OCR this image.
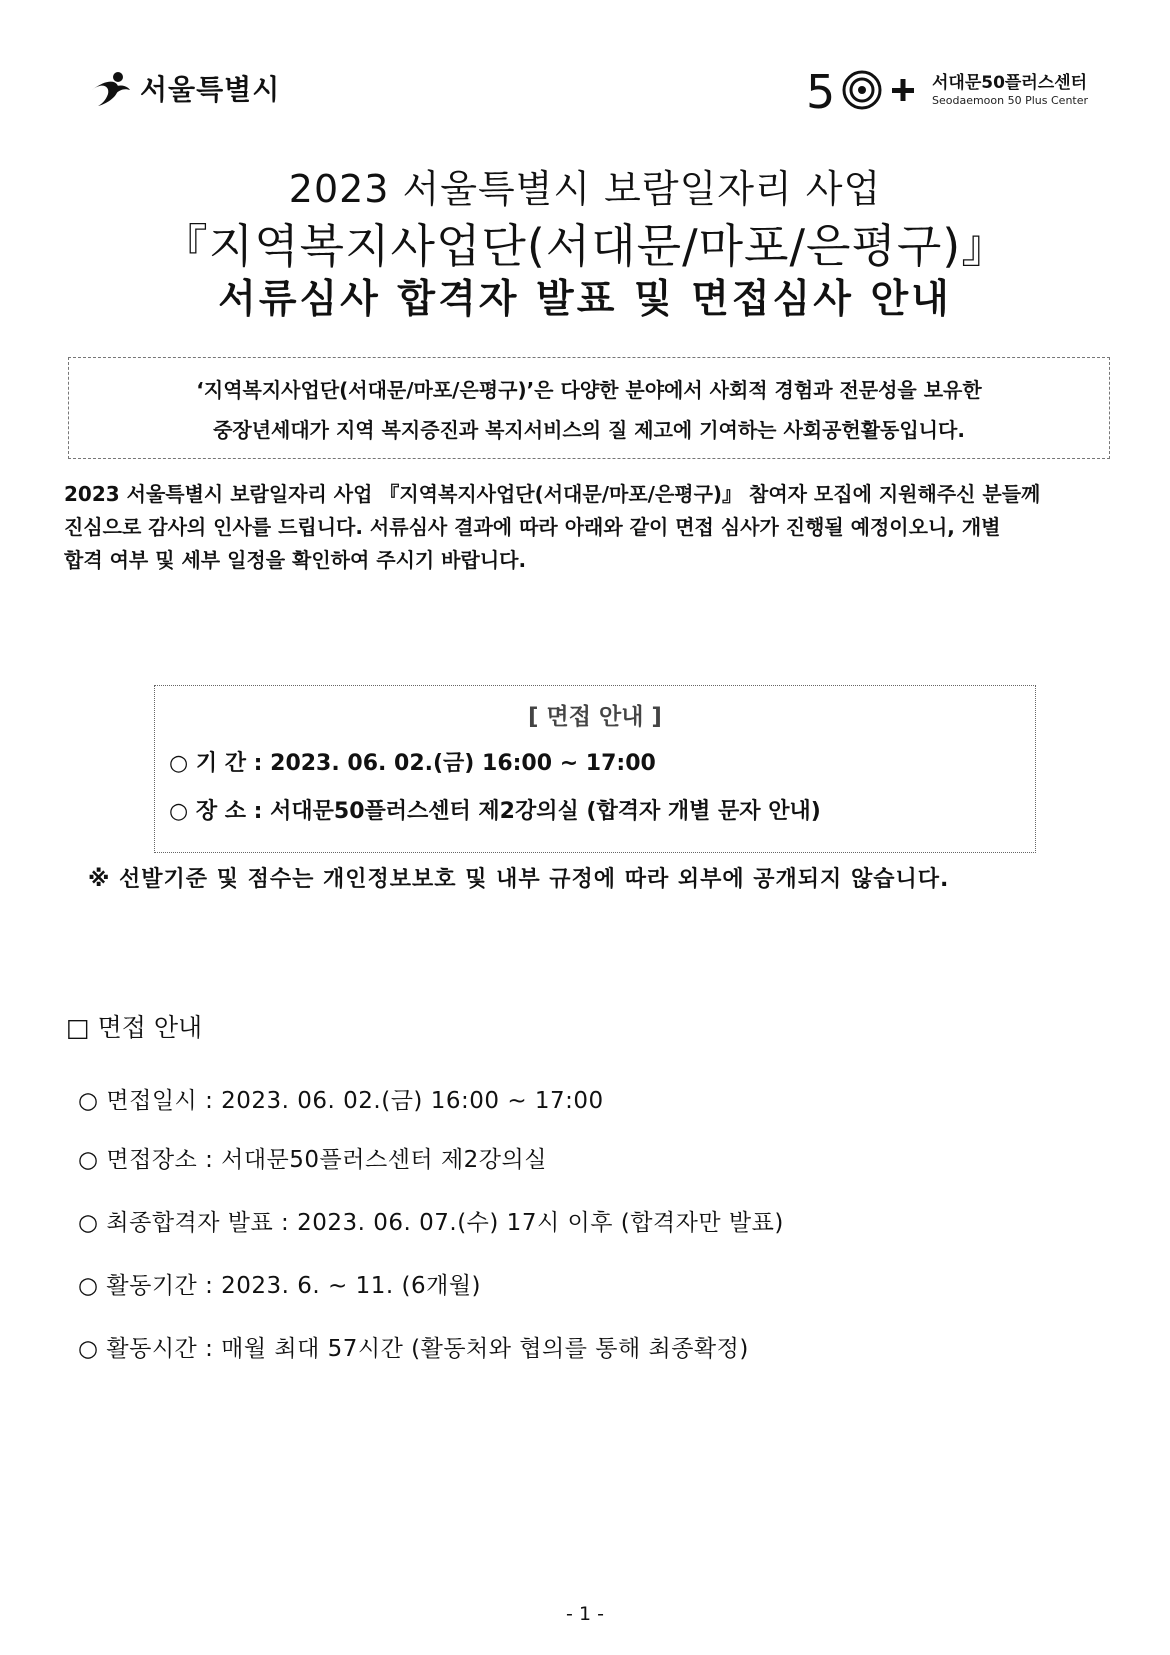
서울특별시	5	서대문50플러스센터
Seodaemoon 50 Plus Center
2023 서울특별시 보람일자리 사업
『지역복지사업단(서대문/마포/은평구)』
서류심사 합격자 발표 및 면접심사 안내
‘지역복지사업단(서대문/마포/은평구)’은 다양한 분야에서 사회적 경험과 전문성을 보유한
중장년세대가 지역 복지증진과 복지서비스의 질 제고에 기여하는 사회공헌활동입니다.
2023 서울특별시 보람일자리 사업 『지역복지사업단(서대문/마포/은평구)』 참여자 모집에 지원해주신 분들께
진심으로 감사의 인사를 드립니다. 서류심사 결과에 따라 아래와 같이 면접 심사가 진행될 예정이오니, 개별
합격 여부 및 세부 일정을 확인하여 주시기 바랍니다.
[ 면접 안내 ]
○ 기 간 : 2023. 06. 02.(금) 16:00 ~ 17:00
○ 장 소 : 서대문50플러스센터 제2강의실 (합격자 개별 문자 안내)
※ 선발기준 및 점수는 개인정보보호 및 내부 규정에 따라 외부에 공개되지 않습니다.
□ 면접 안내
○ 면접일시 : 2023. 06. 02.(금) 16:00 ~ 17:00
○ 면접장소 : 서대문50플러스센터 제2강의실
○ 최종합격자 발표 : 2023. 06. 07.(수) 17시 이후 (합격자만 발표)
○ 활동기간 : 2023. 6. ~ 11. (6개월)
○ 활동시간 : 매월 최대 57시간 (활동처와 협의를 통해 최종확정)
- 1 -
